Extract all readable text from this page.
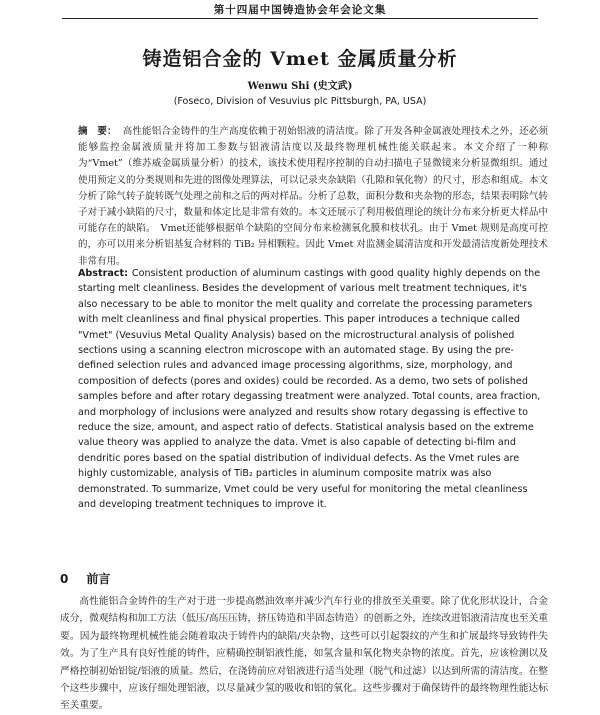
第十四届中国铸造协会年会论文集
铸造铝合金的 Vmet 金属质量分析
Wenwu Shi (史文武)
(Foseco, Division of Vesuvius plc Pittsburgh, PA, USA)
摘　要： 高性能铝合金铸件的生产高度依赖于初始铝液的清洁度。除了开发各种金属液处理技术之外，还必须能够监控金属液质量并将加工参数与铝液清洁度以及最终物理机械性能关联起来。本文介绍了一种称为“Vmet”（维苏威金属质量分析）的技术，该技术使用程序控制的自动扫描电子显微镜来分析显微组织。通过使用预定义的分类规则和先进的图像处理算法，可以记录夹杂缺陷（孔隙和氧化物）的尺寸，形态和组成。本文分析了除气转子旋转既气处理之前和之后的两对样品。分析了总数，面积分数和夹杂物的形态，结果表明除气转子对于减小缺陷的尺寸，数量和体定比是非常有效的。本文还展示了利用极值理论的统计分布来分析更大样品中可能存在的缺陷。　Vmet还能够根据单个缺陷的空间分布来检测氧化膜和枝状孔。由于 Vmet 规则是高度可控的，亦可以用来分析铝基复合材料的 TiB₂ 异相颗粒。因此 Vmet 对监测金属清洁度和开发最清洁度新处理技术非常有用。
Abstract: Consistent production of aluminum castings with good quality highly depends on the starting melt cleanliness. Besides the development of various melt treatment techniques, it's also necessary to be able to monitor the melt quality and correlate the processing parameters with melt cleanliness and final physical properties. This paper introduces a technique called "Vmet" (Vesuvius Metal Quality Analysis) based on the microstructural analysis of polished sections using a scanning electron microscope with an automated stage. By using the pre-defined selection rules and advanced image processing algorithms, size, morphology, and composition of defects (pores and oxides) could be recorded. As a demo, two sets of polished samples before and after rotary degassing treatment were analyzed. Total counts, area fraction, and morphology of inclusions were analyzed and results show rotary degassing is effective to reduce the size, amount, and aspect ratio of defects. Statistical analysis based on the extreme value theory was applied to analyze the data. Vmet is also capable of detecting bi-film and dendritic pores based on the spatial distribution of individual defects. As the Vmet rules are highly customizable, analysis of TiB₂ particles in aluminum composite matrix was also demonstrated. To summarize, Vmet could be very useful for monitoring the metal cleanliness and developing treatment techniques to improve it.
0 前言
高性能铝合金铸件的生产对于进一步提高燃油效率并减少汽车行业的排放至关重要。除了优化形状设计，合金成分，微观结构和加工方法（低压/高压压铸，挤压铸造和半固态铸造）的创新之外，连续改进铝液清洁度也至关重要。因为最终物理机械性能会随着取决于铸件内的缺陷/夹杂物，这些可以引起裂纹的产生和扩展最终导致铸件失效。为了生产具有良好性能的铸件，应精确控制铝液性能，如氢含量和氧化物夹杂物的浓度。首先，应该检测以及严格控制初始铝锭/铝液的质量。然后，在浇铸前应对铝液进行适当处理（脱气和过滤）以达到所需的清洁度。在整个这些步骤中，应该仔细处理铝液，以尽量减少氢的吸收和铝的氧化。这些步骤对于确保铸件的最终物理性能达标至关重要。
